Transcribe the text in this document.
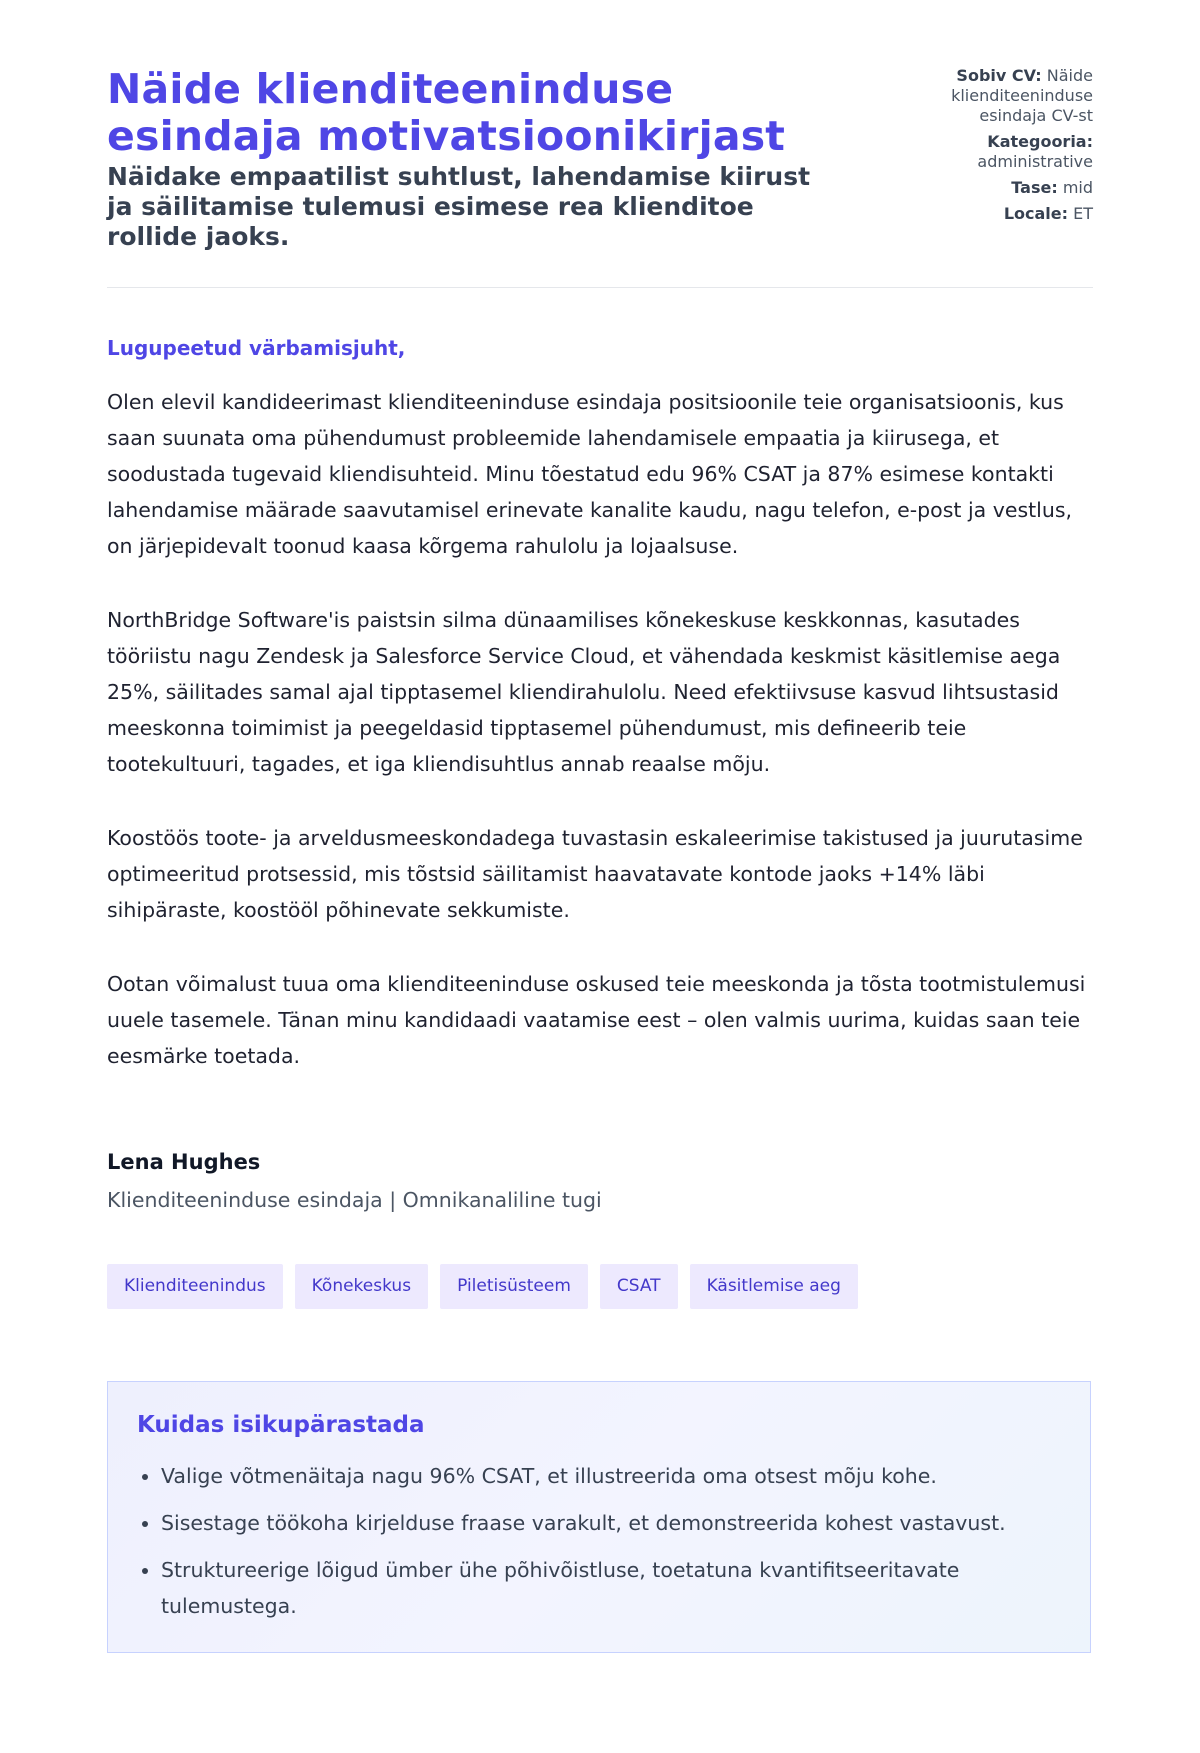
Näide klienditeeninduse esindaja motivatsioonikirjast

Näidake empaatilist suhtlust, lahendamise kiirust ja säilitamise tulemusi esimese rea klienditoe rollide jaoks.

Sobiv CV: Näide klienditeeninduse esindaja CV-st
Kategooria: administrative
Tase: mid
Locale: ET

Lugupeetud värbamisjuht,

Olen elevil kandideerimast klienditeeninduse esindaja positsioonile teie organisatsioonis, kus saan suunata oma pühendumust probleemide lahendamisele empaatia ja kiirusega, et soodustada tugevaid kliendisuhteid. Minu tõestatud edu 96% CSAT ja 87% esimese kontakti lahendamise määrade saavutamisel erinevate kanalite kaudu, nagu telefon, e-post ja vestlus, on järjepidevalt toonud kaasa kõrgema rahulolu ja lojaalsuse.

NorthBridge Software'is paistsin silma dünaamilises kõnekeskuse keskkonnas, kasutades tööriistu nagu Zendesk ja Salesforce Service Cloud, et vähendada keskmist käsitlemise aega 25%, säilitades samal ajal tipptasemel kliendirahulolu. Need efektiivsuse kasvud lihtsustasid meeskonna toimimist ja peegeldasid tipptasemel pühendumust, mis defineerib teie tootekultuuri, tagades, et iga kliendisuhtlus annab reaalse mõju.

Koostöös toote- ja arveldusmeeskondadega tuvastasin eskaleerimise takistused ja juurutasime optimeeritud protsessid, mis tõstsid säilitamist haavatavate kontode jaoks +14% läbi sihipäraste, koostööl põhinevate sekkumiste.

Ootan võimalust tuua oma klienditeeninduse oskused teie meeskonda ja tõsta tootmistulemusi uuele tasemele. Tänan minu kandidaadi vaatamise eest – olen valmis uurima, kuidas saan teie eesmärke toetada.

Lena Hughes
Klienditeeninduse esindaja | Omnikanaliline tugi
Klienditeenindus	Kõnekeskus	Piletisüsteem	CSAT	Käsitlemise aeg
Kuidas isikupärastada
• Valige võtmenäitaja nagu 96% CSAT, et illustreerida oma otsest mõju kohe.
• Sisestage töökoha kirjelduse fraase varakult, et demonstreerida kohest vastavust.
• Struktureerige lõigud ümber ühe põhivõistluse, toetatuna kvantifitseeritavate tulemustega.
